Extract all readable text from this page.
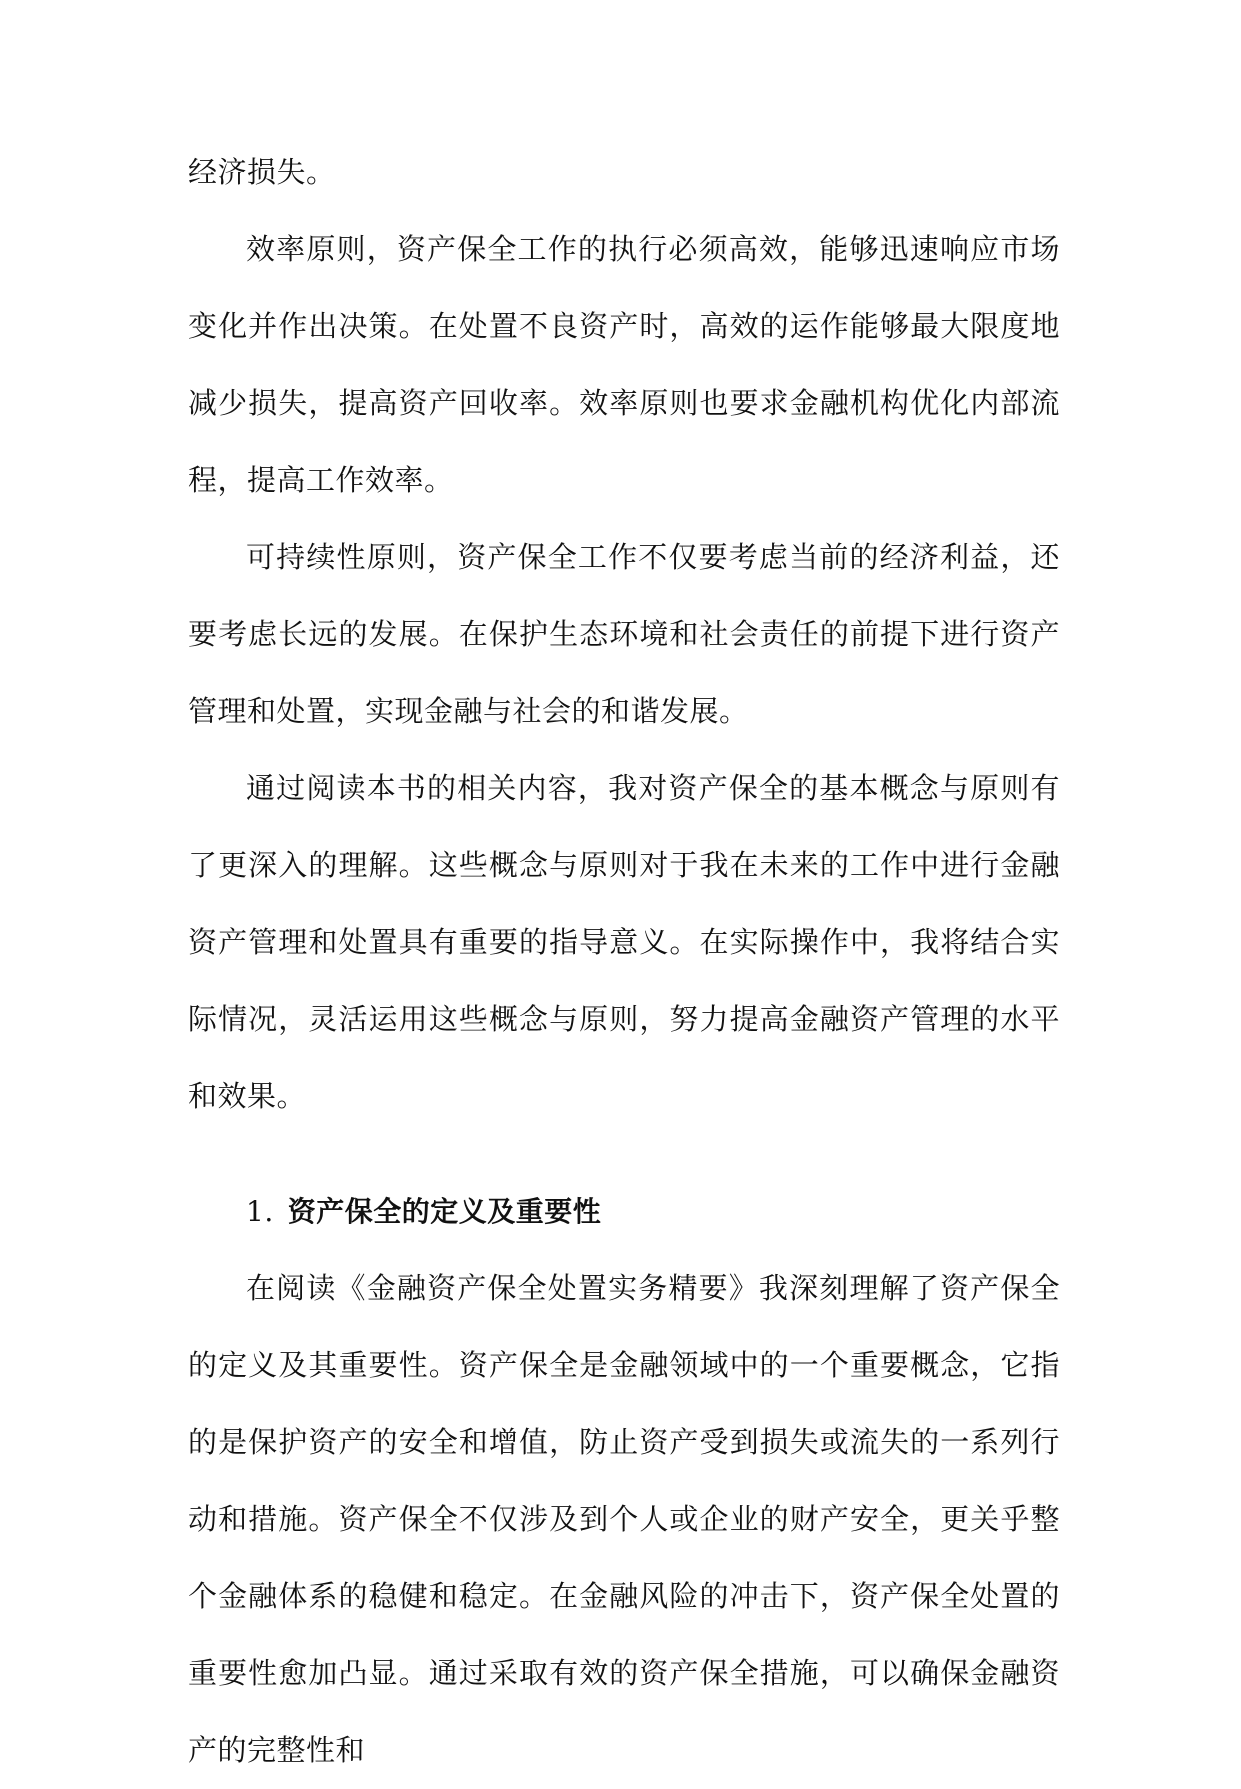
经济损失。

效率原则，资产保全工作的执行必须高效，能够迅速响应市场变化并作出决策。在处置不良资产时，高效的运作能够最大限度地减少损失，提高资产回收率。效率原则也要求金融机构优化内部流程，提高工作效率。

可持续性原则，资产保全工作不仅要考虑当前的经济利益，还要考虑长远的发展。在保护生态环境和社会责任的前提下进行资产管理和处置，实现金融与社会的和谐发展。

通过阅读本书的相关内容，我对资产保全的基本概念与原则有了更深入的理解。这些概念与原则对于我在未来的工作中进行金融资产管理和处置具有重要的指导意义。在实际操作中，我将结合实际情况，灵活运用这些概念与原则，努力提高金融资产管理的水平和效果。

1. 资产保全的定义及重要性

在阅读《金融资产保全处置实务精要》我深刻理解了资产保全的定义及其重要性。资产保全是金融领域中的一个重要概念，它指的是保护资产的安全和增值，防止资产受到损失或流失的一系列行动和措施。资产保全不仅涉及到个人或企业的财产安全，更关乎整个金融体系的稳健和稳定。在金融风险的冲击下，资产保全处置的重要性愈加凸显。通过采取有效的资产保全措施，可以确保金融资产的完整性和
